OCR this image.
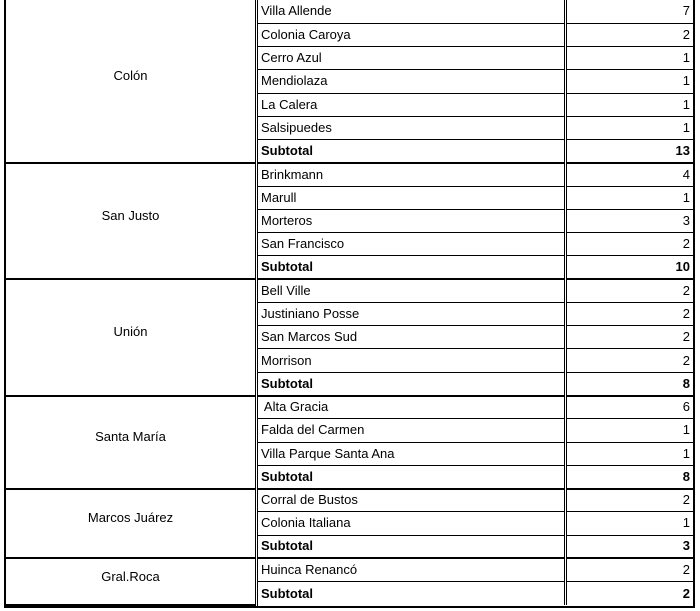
Colón	Villa Allende	7
	Colonia Caroya	2
	Cerro Azul	1
	Mendiolaza	1
	La Calera	1
	Salsipuedes	1
	Subtotal	13
San Justo	Brinkmann	4
	Marull	1
	Morteros	3
	San Francisco	2
	Subtotal	10
Unión	Bell Ville	2
	Justiniano Posse	2
	San Marcos Sud	2
	Morrison	2
	Subtotal	8
Santa María	Alta Gracia	6
	Falda del Carmen	1
	Villa Parque Santa Ana	1
	Subtotal	8
Marcos Juárez	Corral de Bustos	2
	Colonia Italiana	1
	Subtotal	3
Gral.Roca	Huinca Renancó	2
	Subtotal	2
